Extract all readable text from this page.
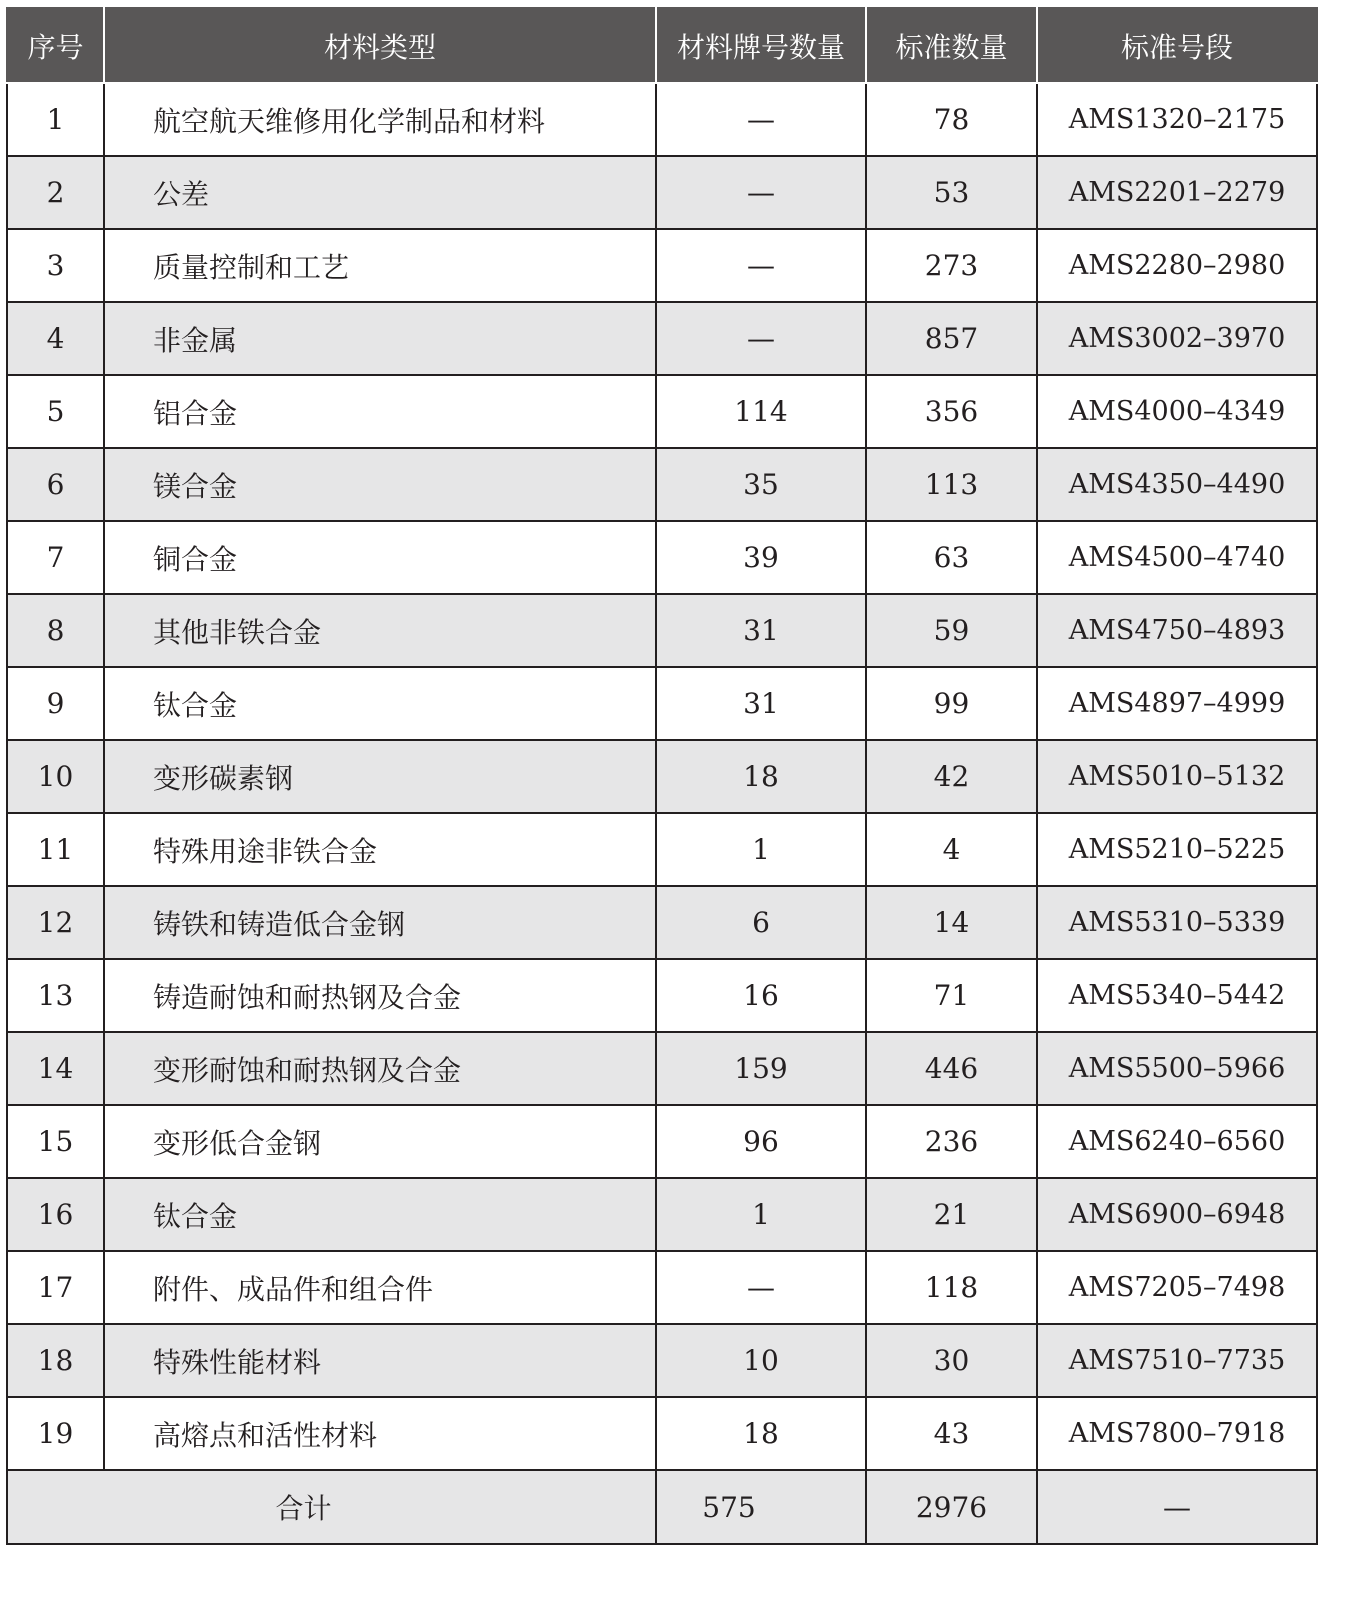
序号	材料类型	材料牌号数量	标准数量	标准号段
1	航空航天维修用化学制品和材料	—	78	AMS1320–2175
2	公差	—	53	AMS2201–2279
3	质量控制和工艺	—	273	AMS2280–2980
4	非金属	—	857	AMS3002–3970
5	铝合金	114	356	AMS4000–4349
6	镁合金	35	113	AMS4350–4490
7	铜合金	39	63	AMS4500–4740
8	其他非铁合金	31	59	AMS4750–4893
9	钛合金	31	99	AMS4897–4999
10	变形碳素钢	18	42	AMS5010–5132
11	特殊用途非铁合金	1	4	AMS5210–5225
12	铸铁和铸造低合金钢	6	14	AMS5310–5339
13	铸造耐蚀和耐热钢及合金	16	71	AMS5340–5442
14	变形耐蚀和耐热钢及合金	159	446	AMS5500–5966
15	变形低合金钢	96	236	AMS6240–6560
16	钛合金	1	21	AMS6900–6948
17	附件、成品件和组合件	—	118	AMS7205–7498
18	特殊性能材料	10	30	AMS7510–7735
19	高熔点和活性材料	18	43	AMS7800–7918
合计		575	2976	—
